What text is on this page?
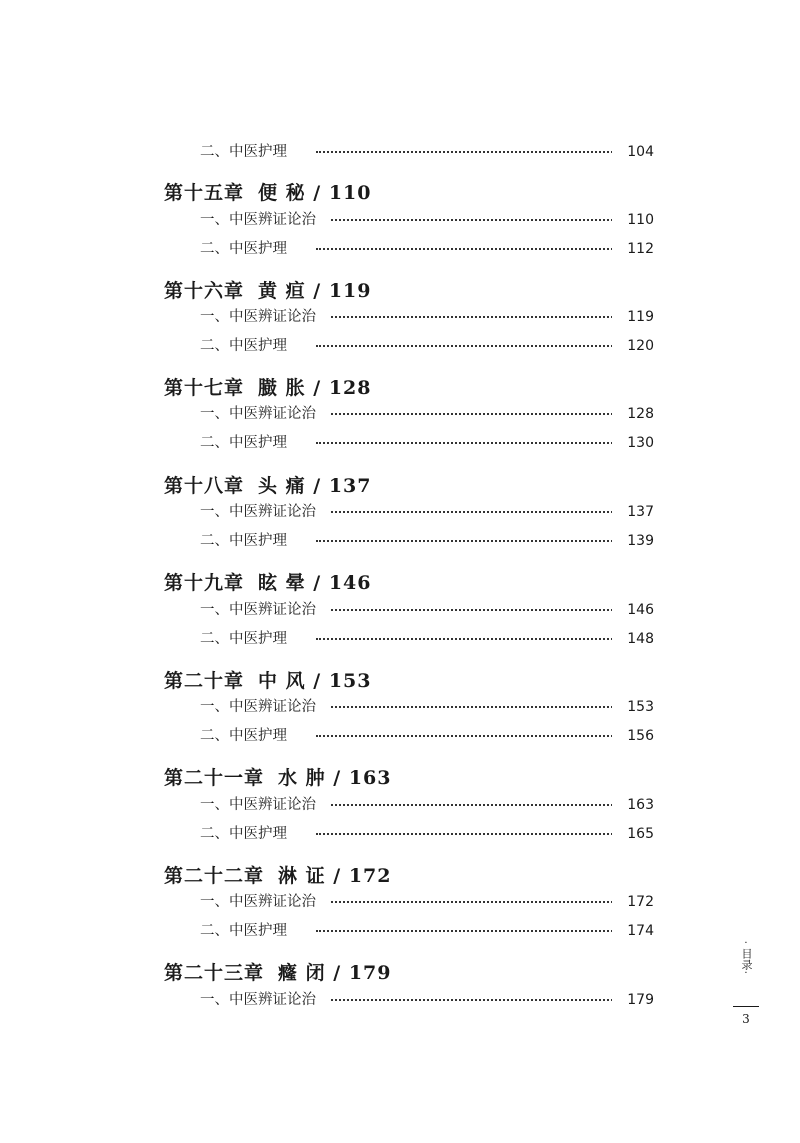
二、中医护理	104
第十五章 便 秘 / 110
一、中医辨证论治	110
二、中医护理	112
第十六章 黄 疸 / 119
一、中医辨证论治	119
二、中医护理	120
第十七章 臌 胀 / 128
一、中医辨证论治	128
二、中医护理	130
第十八章 头 痛 / 137
一、中医辨证论治	137
二、中医护理	139
第十九章 眩 晕 / 146
一、中医辨证论治	146
二、中医护理	148
第二十章 中 风 / 153
一、中医辨证论治	153
二、中医护理	156
第二十一章 水 肿 / 163
一、中医辨证论治	163
二、中医护理	165
第二十二章 淋 证 / 172
一、中医辨证论治	172
二、中医护理	174
第二十三章 癃 闭 / 179
一、中医辨证论治	179
·
目录
·
3
